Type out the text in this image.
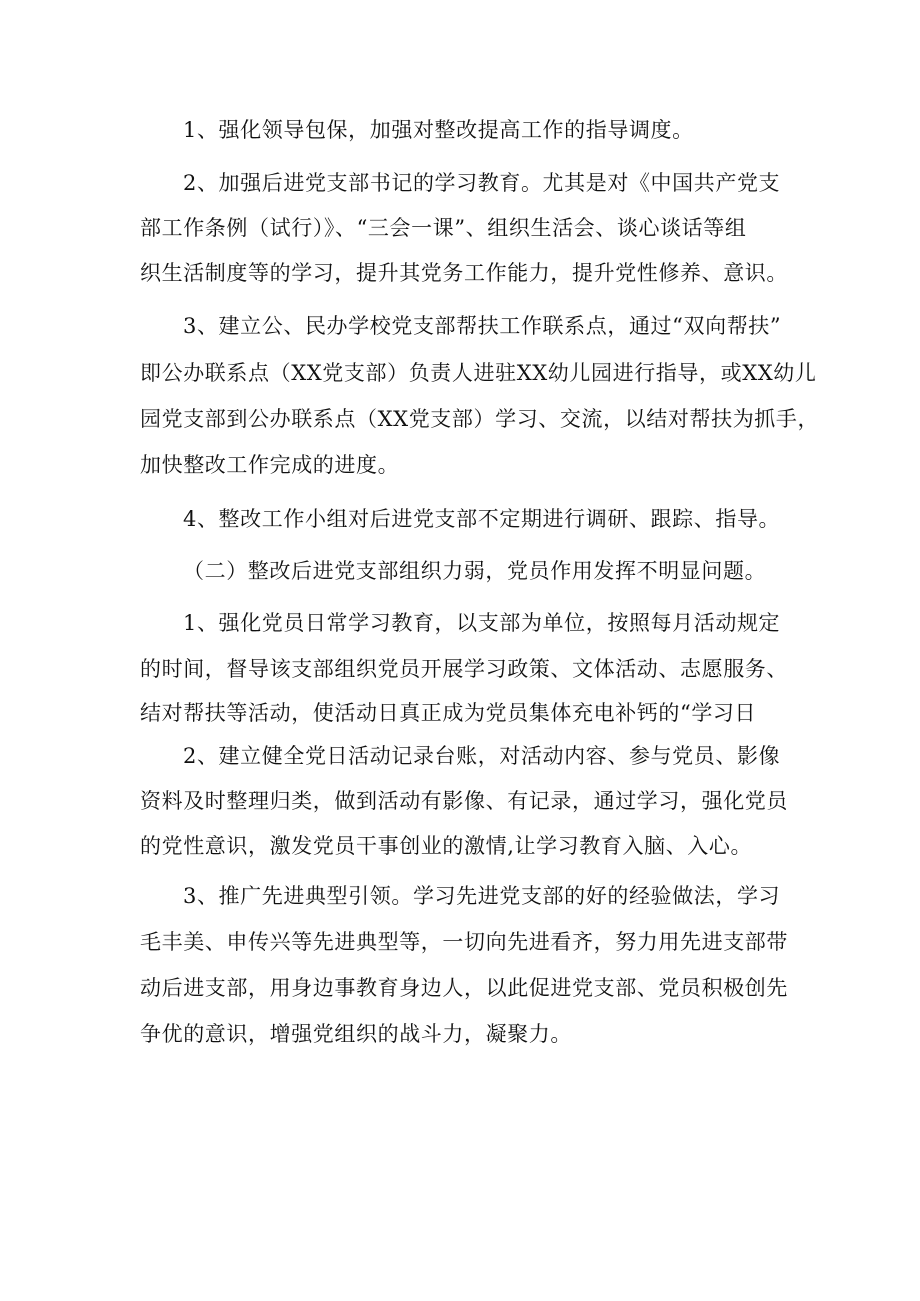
1、强化领导包保，加强对整改提高工作的指导调度。
2、加强后进党支部书记的学习教育。尤其是对《中国共产党支
部工作条例（试行）》、“三会一课”、组织生活会、谈心谈话等组
织生活制度等的学习，提升其党务工作能力，提升党性修养、意识。
3、建立公、民办学校党支部帮扶工作联系点，通过“双向帮扶”
即公办联系点（XX党支部）负责人进驻XX幼儿园进行指导，或XX幼儿
园党支部到公办联系点（XX党支部）学习、交流，以结对帮扶为抓手，
加快整改工作完成的进度。
4、整改工作小组对后进党支部不定期进行调研、跟踪、指导。
（二）整改后进党支部组织力弱，党员作用发挥不明显问题。
1、强化党员日常学习教育，以支部为单位，按照每月活动规定
的时间，督导该支部组织党员开展学习政策、文体活动、志愿服务、
结对帮扶等活动，使活动日真正成为党员集体充电补钙的“学习日
2、建立健全党日活动记录台账，对活动内容、参与党员、影像
资料及时整理归类，做到活动有影像、有记录，通过学习，强化党员
的党性意识，激发党员干事创业的激情,让学习教育入脑、入心。
3、推广先进典型引领。学习先进党支部的好的经验做法，学习
毛丰美、申传兴等先进典型等，一切向先进看齐，努力用先进支部带
动后进支部，用身边事教育身边人，以此促进党支部、党员积极创先
争优的意识，增强党组织的战斗力，凝聚力。
